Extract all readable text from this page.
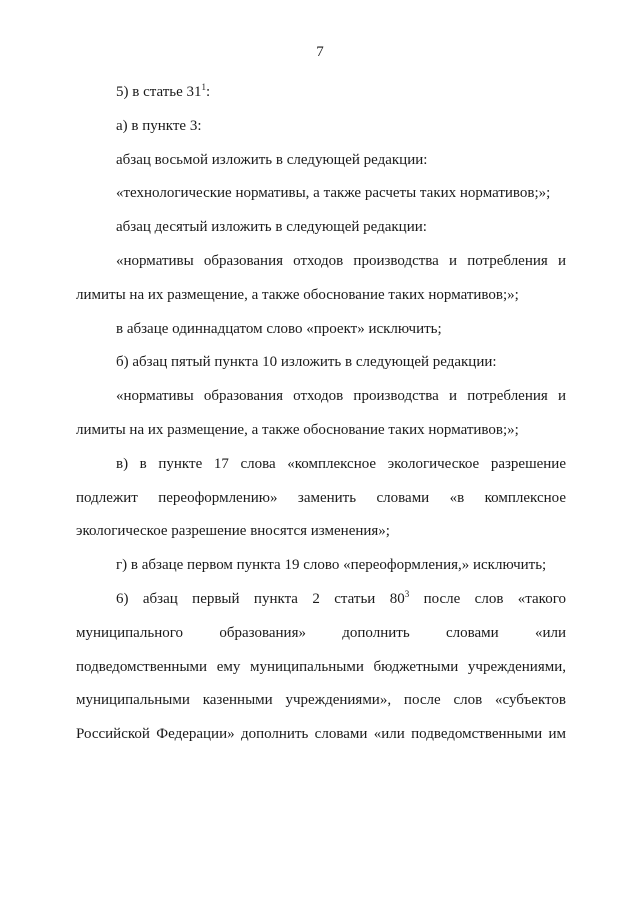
7

5) в статье $31^1$:

а) в пункте 3:

абзац восьмой изложить в следующей редакции:

«технологические нормативы, а также расчеты таких нормативов;»;

абзац десятый изложить в следующей редакции:

«нормативы образования отходов производства и потребления и лимиты на их размещение, а также обоснование таких нормативов;»;

в абзаце одиннадцатом слово «проект» исключить;

б) абзац пятый пункта 10 изложить в следующей редакции:

«нормативы образования отходов производства и потребления и лимиты на их размещение, а также обоснование таких нормативов;»;

в) в пункте 17 слова «комплексное экологическое разрешение подлежит переоформлению» заменить словами «в комплексное экологическое разрешение вносятся изменения»;

г) в абзаце первом пункта 19 слово «переоформления,» исключить;

6) абзац первый пункта 2 статьи $80^3$ после слов «такого муниципального образования» дополнить словами «или подведомственными ему муниципальными бюджетными учреждениями, муниципальными казенными учреждениями», после слов «субъектов Российской Федерации» дополнить словами «или подведомственными им
